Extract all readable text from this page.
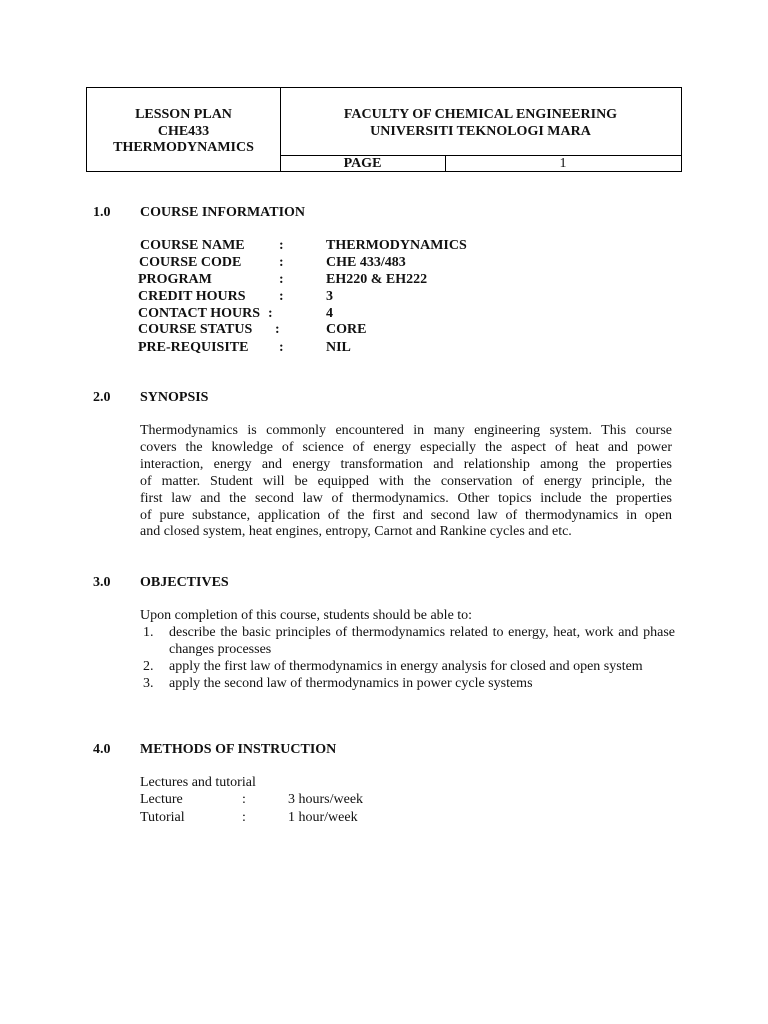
LESSON PLAN
CHE433
THERMODYNAMICS
FACULTY OF CHEMICAL ENGINEERING
UNIVERSITI TEKNOLOGI MARA
PAGE	1
1.0 COURSE INFORMATION
COURSE NAME :	THERMODYNAMICS
COURSE CODE	:	CHE 433/483
PROGRAM	:	EH220 & EH222
CREDIT HOURS :	3
CONTACT HOURS :	4
COURSE STATUS :	CORE
PRE-REQUISITE :	NIL
2.0 SYNOPSIS
Thermodynamics is commonly encountered in many engineering system. This course
covers the knowledge of science of energy especially the aspect of heat and power
interaction, energy and energy transformation and relationship among the properties
of matter. Student will be equipped with the conservation of energy principle, the
first law and the second law of thermodynamics. Other topics include the properties
of pure substance, application of the first and second law of thermodynamics in open
and closed system, heat engines, entropy, Carnot and Rankine cycles and etc.
3.0 OBJECTIVES
Upon completion of this course, students should be able to:
1. describe the basic principles of thermodynamics related to energy, heat, work and phase changes processes
2. apply the first law of thermodynamics in energy analysis for closed and open system
3. apply the second law of thermodynamics in power cycle systems
4.0 METHODS OF INSTRUCTION
Lectures and tutorial
Lecture	:	3 hours/week
Tutorial	:	1 hour/week
